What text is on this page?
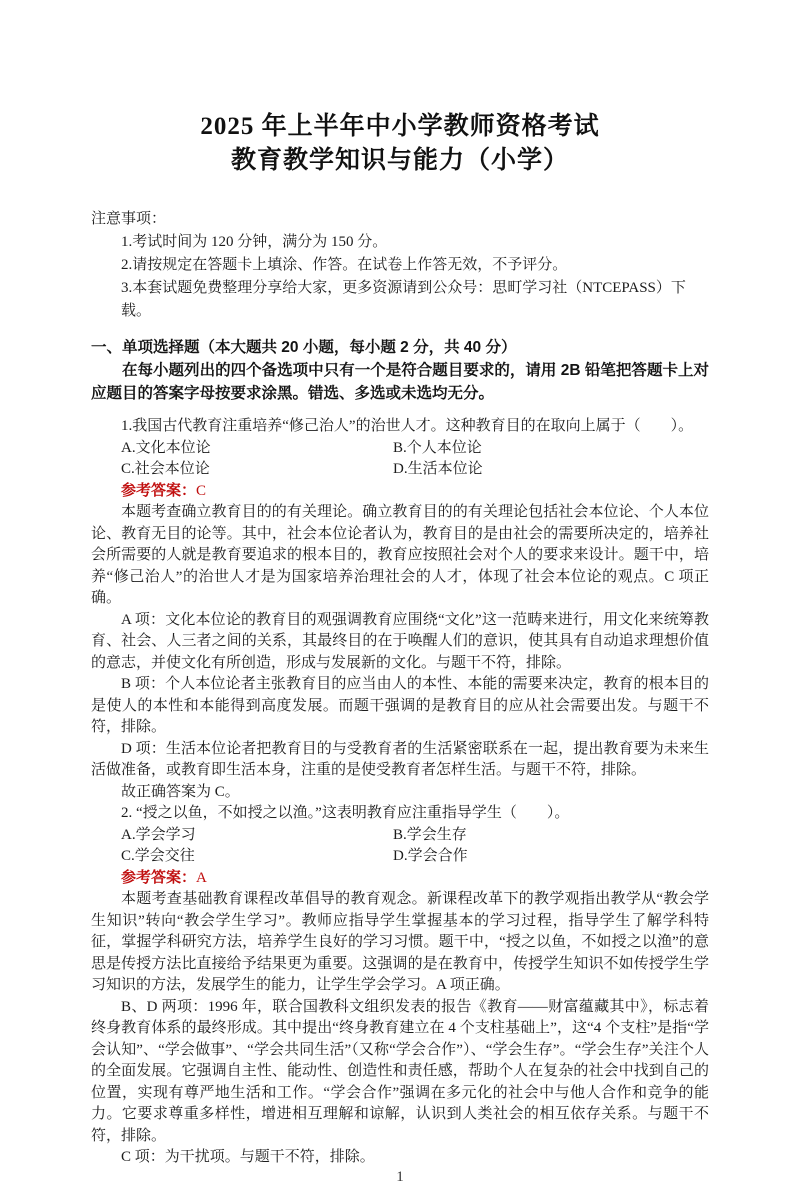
2025 年上半年中小学教师资格考试
教育教学知识与能力（小学）

注意事项：

1.考试时间为 120 分钟，满分为 150 分。

2.请按规定在答题卡上填涂、作答。在试卷上作答无效，不予评分。

3.本套试题免费整理分享给大家，更多资源请到公众号：思町学习社（NTCEPASS）下载。

一、单项选择题（本大题共 20 小题，每小题 2 分，共 40 分）

在每小题列出的四个备选项中只有一个是符合题目要求的，请用 2B 铅笔把答题卡上对应题目的答案字母按要求涂黑。错选、多选或未选均无分。

1.我国古代教育注重培养“修己治人”的治世人才。这种教育目的在取向上属于（　　）。

A.文化本位论	B.个人本位论
C.社会本位论	D.生活本位论

参考答案：C

本题考查确立教育目的的有关理论。确立教育目的的有关理论包括社会本位论、个人本位论、教育无目的论等。其中，社会本位论者认为，教育目的是由社会的需要所决定的，培养社会所需要的人就是教育要追求的根本目的，教育应按照社会对个人的要求来设计。题干中，培养“修己治人”的治世人才是为国家培养治理社会的人才，体现了社会本位论的观点。C 项正确。

A 项：文化本位论的教育目的观强调教育应围绕“文化”这一范畴来进行，用文化来统筹教育、社会、人三者之间的关系，其最终目的在于唤醒人们的意识，使其具有自动追求理想价值的意志，并使文化有所创造，形成与发展新的文化。与题干不符，排除。

B 项：个人本位论者主张教育目的应当由人的本性、本能的需要来决定，教育的根本目的是使人的本性和本能得到高度发展。而题干强调的是教育目的应从社会需要出发。与题干不符，排除。

D 项：生活本位论者把教育目的与受教育者的生活紧密联系在一起，提出教育要为未来生活做准备，或教育即生活本身，注重的是使受教育者怎样生活。与题干不符，排除。

故正确答案为 C。

2. “授之以鱼，不如授之以渔。”这表明教育应注重指导学生（　　）。

A.学会学习	B.学会生存
C.学会交往	D.学会合作

参考答案：A

本题考查基础教育课程改革倡导的教育观念。新课程改革下的教学观指出教学从“教会学生知识”转向“教会学生学习”。教师应指导学生掌握基本的学习过程，指导学生了解学科特征，掌握学科研究方法，培养学生良好的学习习惯。题干中，“授之以鱼，不如授之以渔”的意思是传授方法比直接给予结果更为重要。这强调的是在教育中，传授学生知识不如传授学生学习知识的方法，发展学生的能力，让学生学会学习。A 项正确。

B、D 两项：1996 年，联合国教科文组织发表的报告《教育——财富蕴藏其中》，标志着终身教育体系的最终形成。其中提出“终身教育建立在 4 个支柱基础上”，这“4 个支柱”是指“学会认知”、“学会做事”、“学会共同生活”（又称“学会合作”）、“学会生存”。“学会生存”关注个人的全面发展。它强调自主性、能动性、创造性和责任感，帮助个人在复杂的社会中找到自己的位置，实现有尊严地生活和工作。“学会合作”强调在多元化的社会中与他人合作和竞争的能力。它要求尊重多样性，增进相互理解和谅解，认识到人类社会的相互依存关系。与题干不符，排除。

C 项：为干扰项。与题干不符，排除。

1
